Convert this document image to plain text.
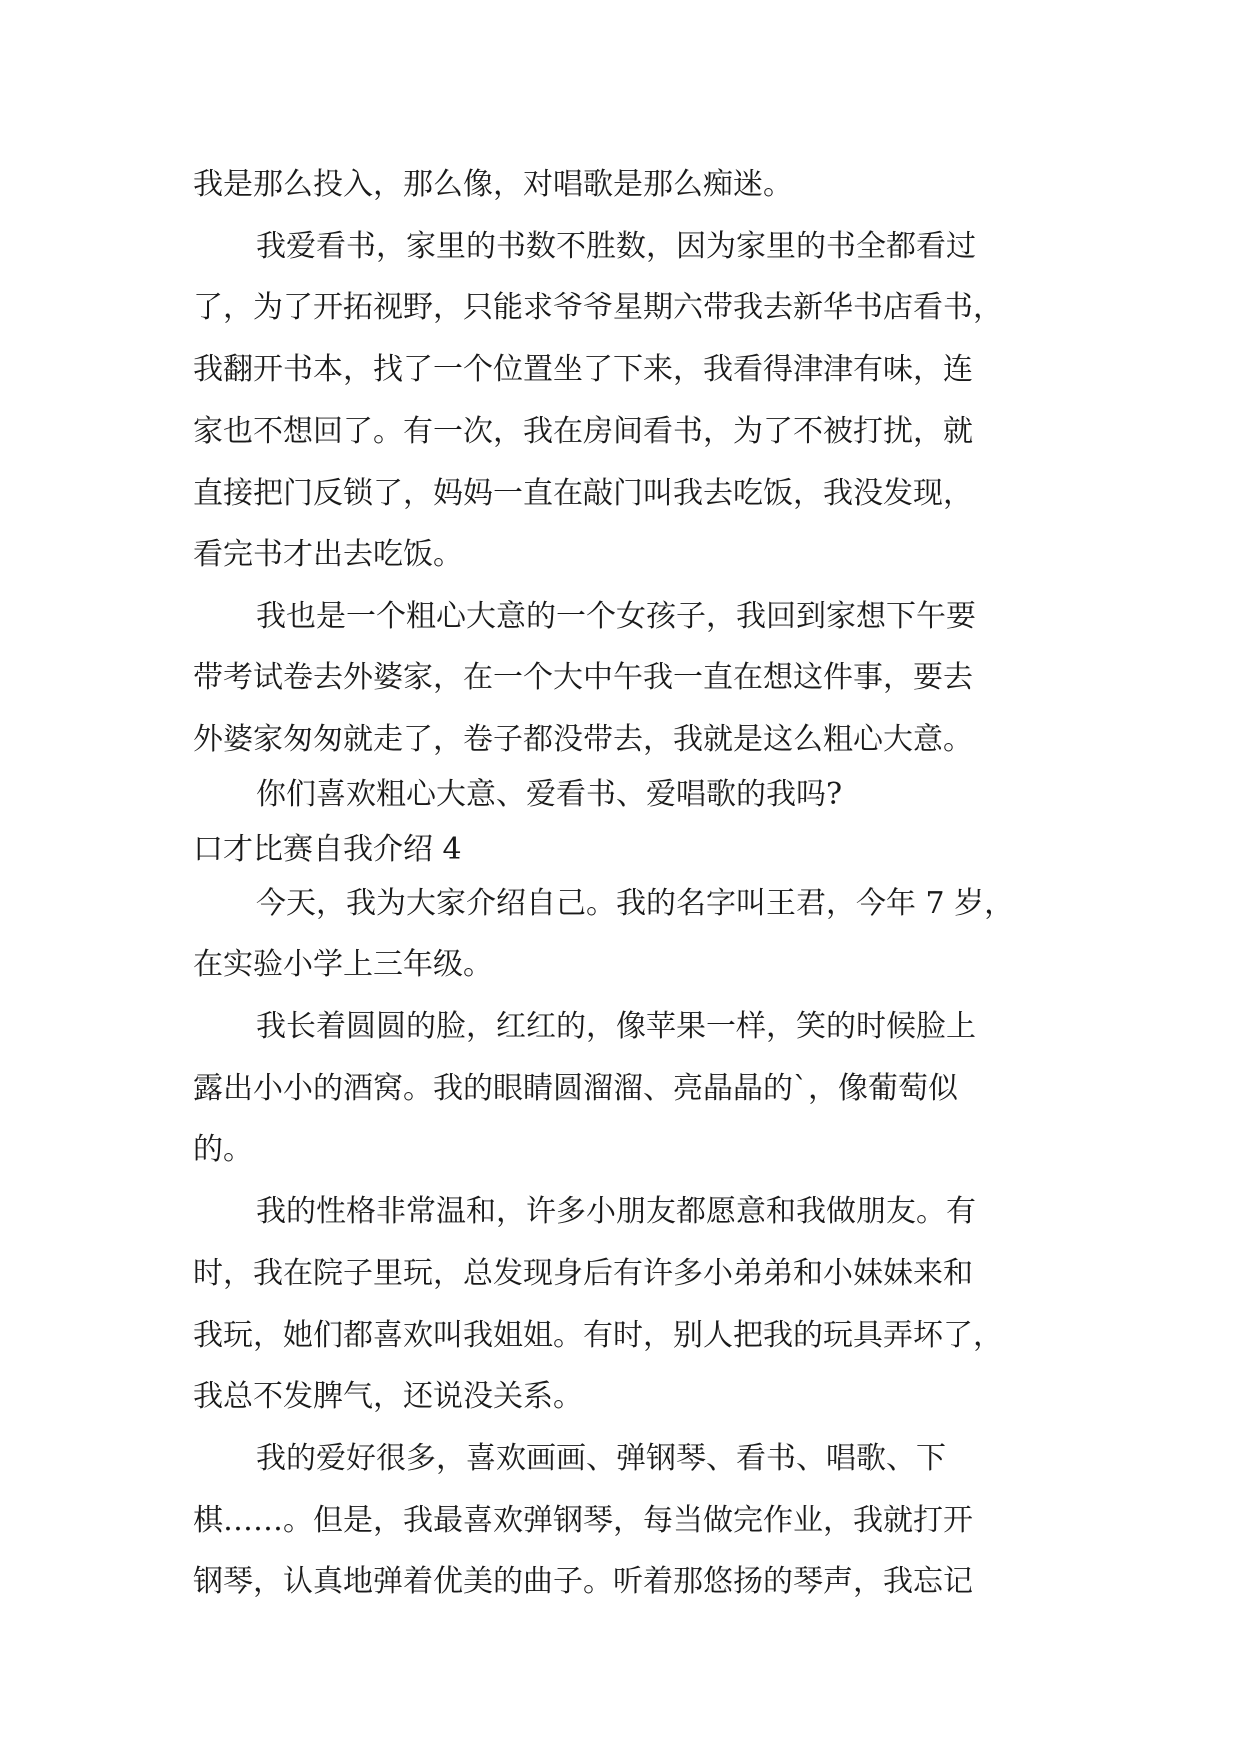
我是那么投入，那么像，对唱歌是那么痴迷。
我爱看书，家里的书数不胜数，因为家里的书全都看过
了，为了开拓视野，只能求爷爷星期六带我去新华书店看书，
我翻开书本，找了一个位置坐了下来，我看得津津有味，连
家也不想回了。有一次，我在房间看书，为了不被打扰，就
直接把门反锁了，妈妈一直在敲门叫我去吃饭，我没发现，
看完书才出去吃饭。
我也是一个粗心大意的一个女孩子，我回到家想下午要
带考试卷去外婆家，在一个大中午我一直在想这件事，要去
外婆家匆匆就走了，卷子都没带去，我就是这么粗心大意。
你们喜欢粗心大意、爱看书、爱唱歌的我吗?
口才比赛自我介绍 4
今天，我为大家介绍自己。我的名字叫王君，今年 7 岁，
在实验小学上三年级。
我长着圆圆的脸，红红的，像苹果一样，笑的时候脸上
露出小小的酒窝。我的眼睛圆溜溜、亮晶晶的`，像葡萄似
的。
我的性格非常温和，许多小朋友都愿意和我做朋友。有
时，我在院子里玩，总发现身后有许多小弟弟和小妹妹来和
我玩，她们都喜欢叫我姐姐。有时，别人把我的玩具弄坏了，
我总不发脾气，还说没关系。
我的爱好很多，喜欢画画、弹钢琴、看书、唱歌、下
棋……。但是，我最喜欢弹钢琴，每当做完作业，我就打开
钢琴，认真地弹着优美的曲子。听着那悠扬的琴声，我忘记
